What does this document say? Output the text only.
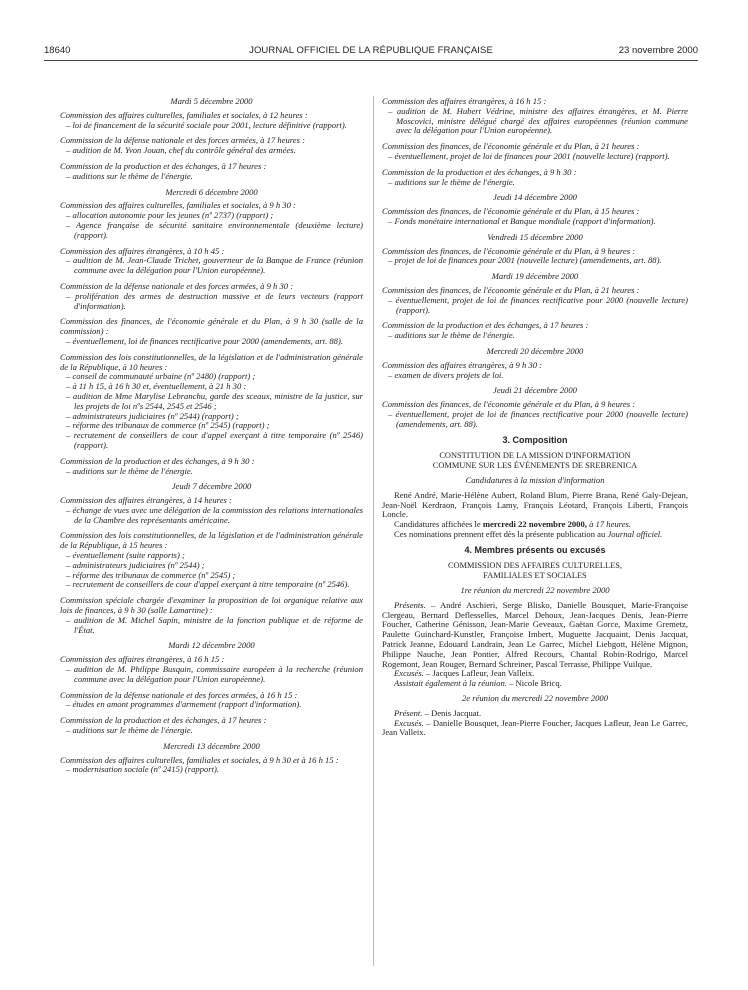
18640	JOURNAL OFFICIEL DE LA RÉPUBLIQUE FRANÇAISE	23 novembre 2000
Mardi 5 décembre 2000

Commission des affaires culturelles, familiales et sociales, à 12 heures :

– loi de financement de la sécurité sociale pour 2001, lecture définitive (rapport).

Commission de la défense nationale et des forces armées, à 17 heures :

– audition de M. Yvon Jouan, chef du contrôle général des armées.

Commission de la production et des échanges, à 17 heures :

– auditions sur le thème de l'énergie.

Mercredi 6 décembre 2000

Commission des affaires culturelles, familiales et sociales, à 9 h 30 :

– allocation autonomie pour les jeunes (nº 2737) (rapport) ;

– Agence française de sécurité sanitaire environnementale (deuxième lecture) (rapport).

Commission des affaires étrangères, à 10 h 45 :

– audition de M. Jean-Claude Trichet, gouverneur de la Banque de France (réunion commune avec la délégation pour l'Union européenne).

Commission de la défense nationale et des forces armées, à 9 h 30 :

– prolifération des armes de destruction massive et de leurs vecteurs (rapport d'information).

Commission des finances, de l'économie générale et du Plan, à 9 h 30 (salle de la commission) :

– éventuellement, loi de finances rectificative pour 2000 (amendements, art. 88).

Commission des lois constitutionnelles, de la législation et de l'administration générale de la République, à 10 heures :

– conseil de communauté urbaine (nº 2480) (rapport) ;

– à 11 h 15, à 16 h 30 et, éventuellement, à 21 h 30 :

– audition de Mme Marylise Lebranchu, garde des sceaux, ministre de la justice, sur les projets de loi nºs 2544, 2545 et 2546 ;

– administrateurs judiciaires (nº 2544) (rapport) ;

– réforme des tribunaux de commerce (nº 2545) (rapport) ;

– recrutement de conseillers de cour d'appel exerçant à titre temporaire (nº 2546) (rapport).

Commission de la production et des échanges, à 9 h 30 :

– auditions sur le thème de l'énergie.

Jeudi 7 décembre 2000

Commission des affaires étrangères, à 14 heures :

– échange de vues avec une délégation de la commission des relations internationales de la Chambre des représentants américaine.

Commission des lois constitutionnelles, de la législation et de l'administration générale de la République, à 15 heures :

– éventuellement (suite rapports) ;

– administrateurs judiciaires (nº 2544) ;

– réforme des tribunaux de commerce (nº 2545) ;

– recrutement de conseillers de cour d'appel exerçant à titre temporaire (nº 2546).

Commission spéciale chargée d'examiner la proposition de loi organique relative aux lois de finances, à 9 h 30 (salle Lamartine) :

– audition de M. Michel Sapin, ministre de la fonction publique et de réforme de l'État.

Mardi 12 décembre 2000

Commission des affaires étrangères, à 16 h 15 :

– audition de M. Philippe Busquin, commissaire européen à la recherche (réunion commune avec la délégation pour l'Union européenne).

Commission de la défense nationale et des forces armées, à 16 h 15 :

– études en amont programmes d'armement (rapport d'information).

Commission de la production et des échanges, à 17 heures :

– auditions sur le thème de l'énergie.

Mercredi 13 décembre 2000

Commission des affaires culturelles, familiales et sociales, à 9 h 30 et à 16 h 15 :

– modernisation sociale (nº 2415) (rapport).

Commission des affaires étrangères, à 16 h 15 :

– audition de M. Hubert Védrine, ministre des affaires étrangères, et M. Pierre Moscovici, ministre délégué chargé des affaires européennes (réunion commune avec la délégation pour l'Union européenne).

Commission des finances, de l'économie générale et du Plan, à 21 heures :

– éventuellement, projet de loi de finances pour 2001 (nouvelle lecture) (rapport).

Commission de la production et des échanges, à 9 h 30 :

– auditions sur le thème de l'énergie.

Jeudi 14 décembre 2000

Commission des finances, de l'économie générale et du Plan, à 15 heures :

– Fonds monétaire international et Banque mondiale (rapport d'information).

Vendredi 15 décembre 2000

Commission des finances, de l'économie générale et du Plan, à 9 heures :

– projet de loi de finances pour 2001 (nouvelle lecture) (amendements, art. 88).

Mardi 19 décembre 2000

Commission des finances, de l'économie générale et du Plan, à 21 heures :

– éventuellement, projet de loi de finances rectificative pour 2000 (nouvelle lecture) (rapport).

Commission de la production et des échanges, à 17 heures :

– auditions sur le thème de l'énergie.

Mercredi 20 décembre 2000

Commission des affaires étrangères, à 9 h 30 :

– examen de divers projets de loi.

Jeudi 21 décembre 2000

Commission des finances, de l'économie générale et du Plan, à 9 heures :

– éventuellement, projet de loi de finances rectificative pour 2000 (nouvelle lecture) (amendements, art. 88).

3. Composition
CONSTITUTION DE LA MISSION D'INFORMATION
COMMUNE SUR LES ÉVÉNEMENTS DE SREBRENICA
Candidatures à la mission d'information

René André, Marie-Hélène Aubert, Roland Blum, Pierre Brana, René Galy-Dejean, Jean-Noël Kerdraon, François Lamy, François Léotard, François Liberti, François Loncle.

Candidatures affichées le mercredi 22 novembre 2000, à 17 heures.

Ces nominations prennent effet dès la présente publication au Journal officiel.

4. Membres présents ou excusés
COMMISSION DES AFFAIRES CULTURELLES,
FAMILIALES ET SOCIALES
1re réunion du mercredi 22 novembre 2000

Présents. – André Aschieri, Serge Blisko, Danielle Bousquet, Marie-Françoise Clergeau, Bernard Deflesselles, Marcel Dehoux, Jean-Jacques Denis, Jean-Pierre Foucher, Catherine Génisson, Jean-Marie Geveaux, Gaëtan Gorce, Maxime Gremetz, Paulette Guinchard-Kunstler, Françoise Imbert, Muguette Jacquaint, Denis Jacquat, Patrick Jeanne, Edouard Landrain, Jean Le Garrec, Michel Liebgott, Hélène Mignon, Philippe Nauche, Jean Pontier, Alfred Recours, Chantal Robin-Rodrigo, Marcel Rogemont, Jean Rouger, Bernard Schreiner, Pascal Terrasse, Philippe Vuilque.

Excusés. – Jacques Lafleur, Jean Valleix.

Assistait également à la réunion. – Nicole Bricq.

2e réunion du mercredi 22 novembre 2000

Présent. – Denis Jacquat.

Excusés. – Danielle Bousquet, Jean-Pierre Foucher, Jacques Lafleur, Jean Le Garrec, Jean Valleix.
